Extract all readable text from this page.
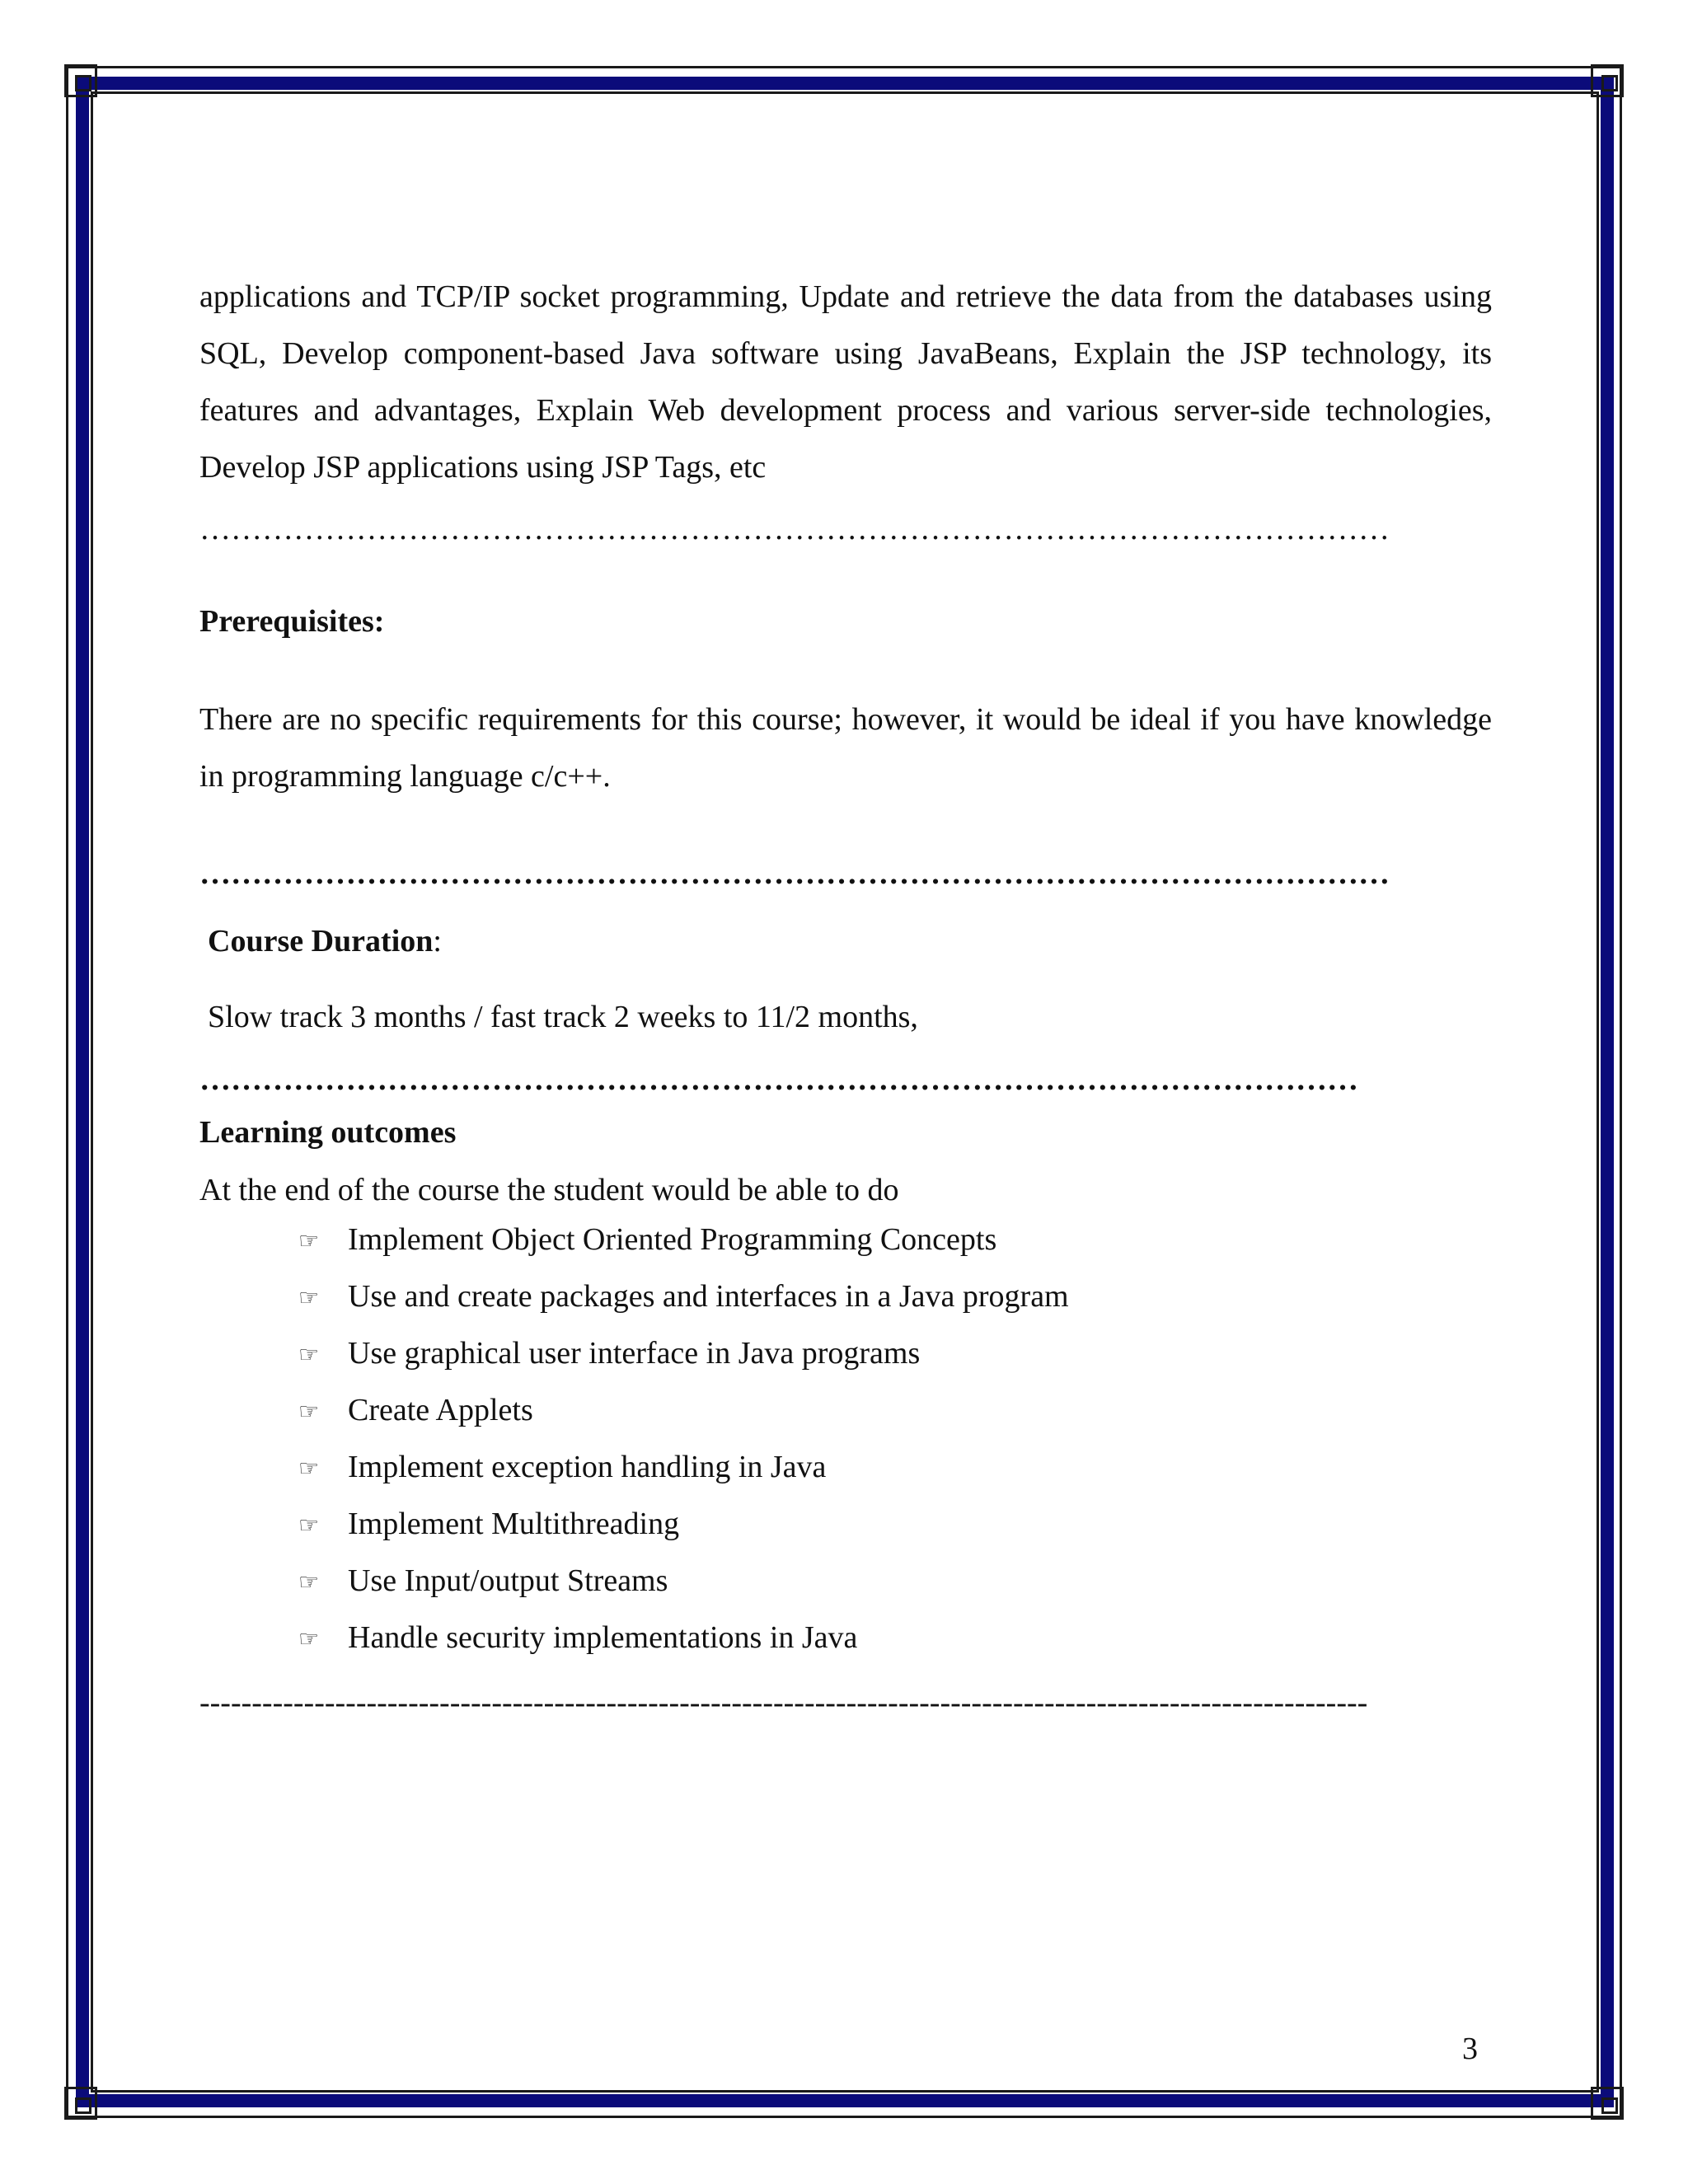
applications and TCP/IP socket programming, Update and retrieve the data from the databases using SQL, Develop component-based Java software using JavaBeans, Explain the JSP technology, its features and advantages, Explain Web development process and various server-side technologies, Develop JSP applications using JSP Tags, etc

……………………………………………………………………………………………………
Prerequisites:

There are no specific requirements for this course; however, it would be ideal if you have knowledge in programming language c/c++.

……………………………………………………………………………………………………
Course Duration:

Slow track 3 months / fast track 2 weeks to 11/2 months,

…………………………………………………………………………………………………
Learning outcomes

At the end of the course the student would be able to do

☞ Implement Object Oriented Programming Concepts
☞ Use and create packages and interfaces in a Java program
☞ Use graphical user interface in Java programs
☞ Create Applets
☞ Implement exception handling in Java
☞ Implement Multithreading
☞ Use Input/output Streams
☞ Handle security implementations in Java
----------------------------------------------------------------------------------------------------------------
3
